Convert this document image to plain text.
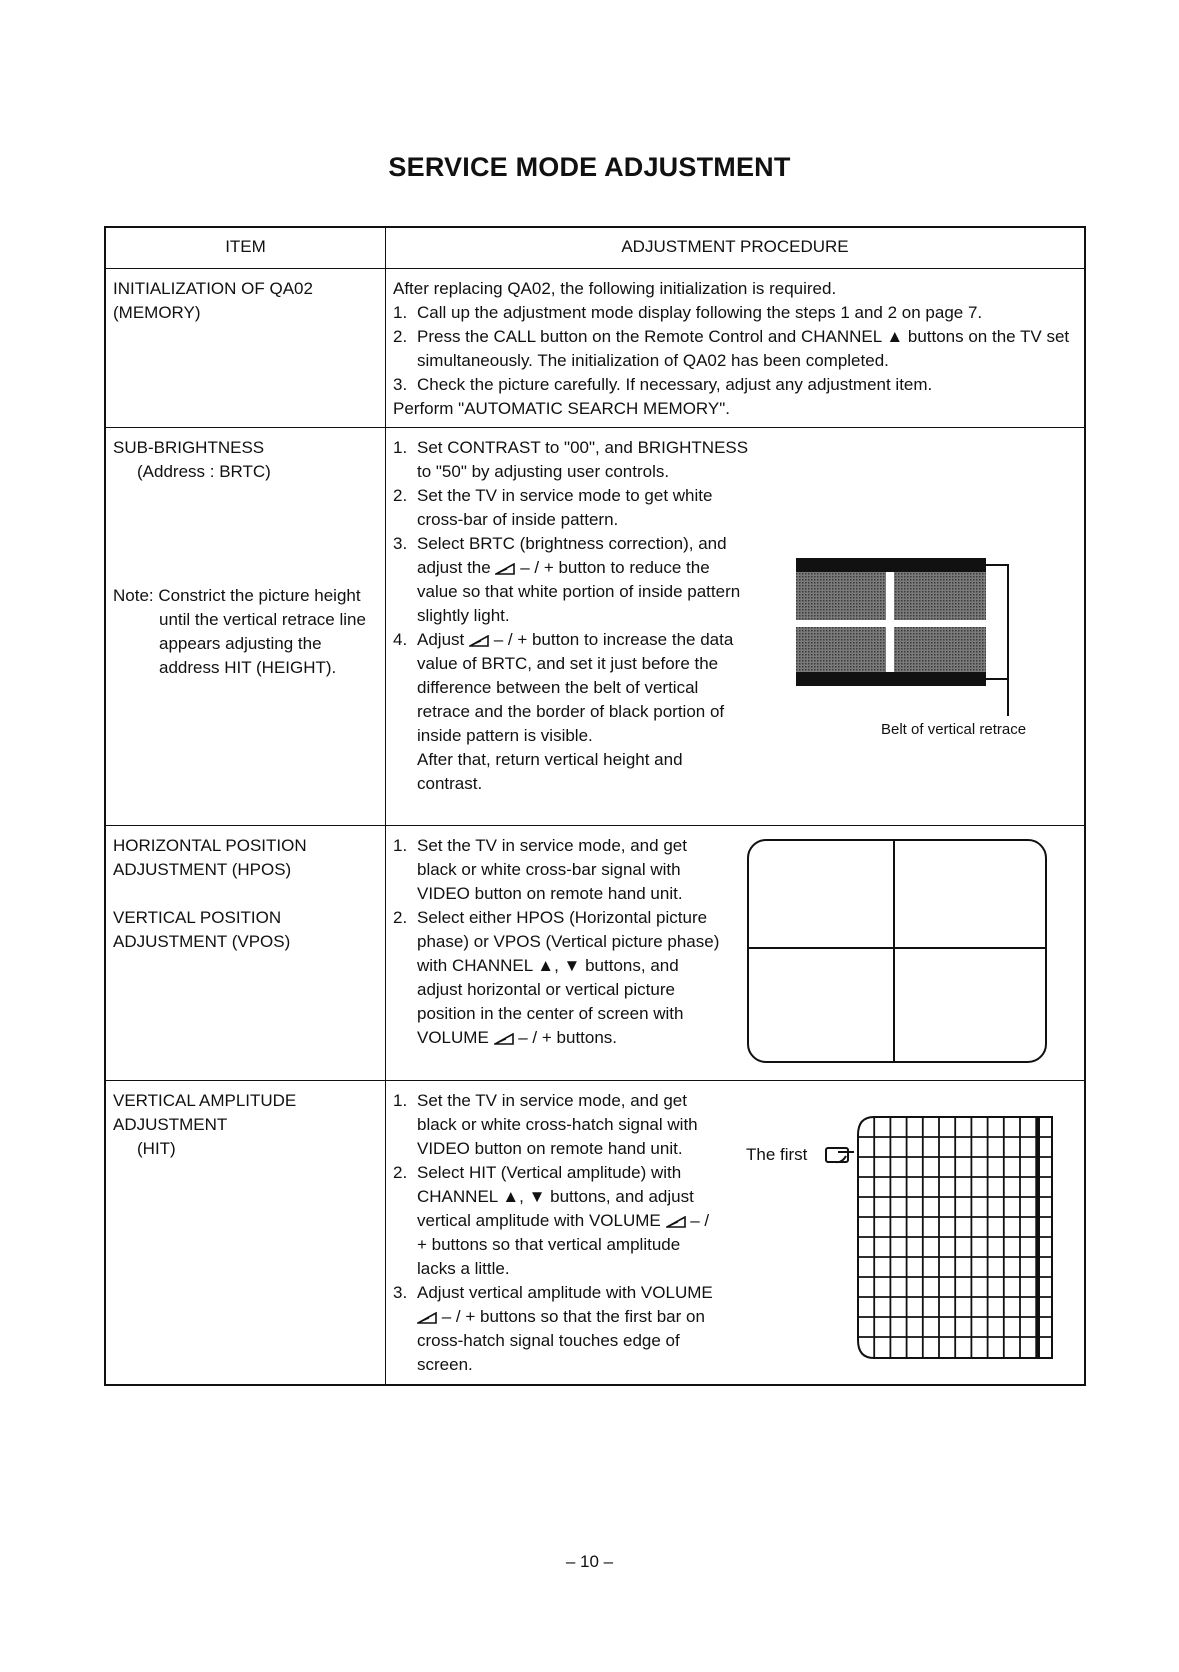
SERVICE MODE ADJUSTMENT
ITEM	ADJUSTMENT PROCEDURE
INITIALIZATION OF QA02
(MEMORY)
After replacing QA02, the following initialization is required.
1. Call up the adjustment mode display following the steps 1 and 2 on page 7.
2. Press the CALL button on the Remote Control and CHANNEL ▲ buttons on the TV set simultaneously. The initialization of QA02 has been completed.
3. Check the picture carefully. If necessary, adjust any adjustment item.
Perform "AUTOMATIC SEARCH MEMORY".
SUB-BRIGHTNESS
(Address : BRTC)
Note: Constrict the picture height until the vertical retrace line appears adjusting the address HIT (HEIGHT).
1. Set CONTRAST to "00", and BRIGHTNESS to "50" by adjusting user controls.
2. Set the TV in service mode to get white cross-bar of inside pattern.
3. Select BRTC (brightness correction), and adjust the  – / + button to reduce the value so that white portion of inside pattern slightly light.
4. Adjust  – / + button to increase the data value of BRTC, and set it just before the difference between the belt of vertical retrace and the border of black portion of inside pattern is visible.
After that, return vertical height and contrast.
Belt of vertical retrace
HORIZONTAL POSITION
ADJUSTMENT (HPOS)
VERTICAL POSITION
ADJUSTMENT (VPOS)
1. Set the TV in service mode, and get black or white cross-bar signal with VIDEO button on remote hand unit.
2. Select either HPOS (Horizontal picture phase) or VPOS (Vertical picture phase) with CHANNEL ▲, ▼ buttons, and adjust horizontal or vertical picture position in the center of screen with VOLUME  – / + buttons.
VERTICAL AMPLITUDE
ADJUSTMENT
(HIT)
1. Set the TV in service mode, and get black or white cross-hatch signal with VIDEO button on remote hand unit.
2. Select HIT (Vertical amplitude) with CHANNEL ▲, ▼ buttons, and adjust vertical amplitude with VOLUME  – / + buttons so that vertical amplitude lacks a little.
3. Adjust vertical amplitude with VOLUME  – / + buttons so that the first bar on cross-hatch signal touches edge of screen.
The first
– 10 –
